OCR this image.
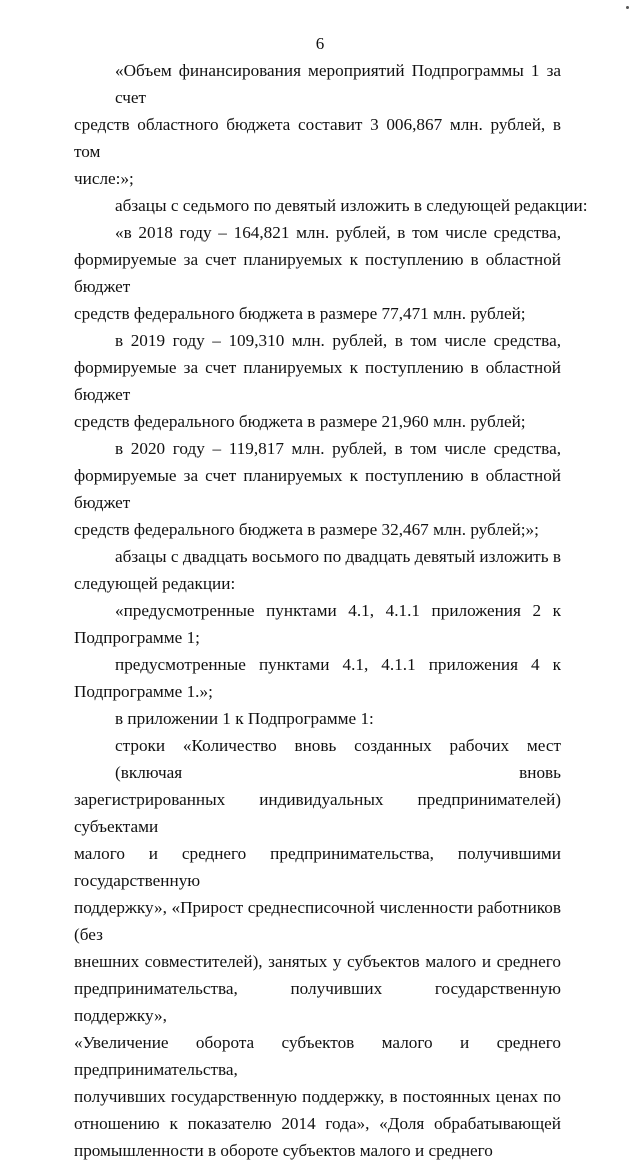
6
«Объем финансирования мероприятий Подпрограммы 1 за счет
средств областного бюджета составит 3 006,867 млн. рублей, в том
числе:»;
абзацы с седьмого по девятый изложить в следующей редакции:
«в 2018 году – 164,821 млн. рублей, в том числе средства,
формируемые за счет планируемых к поступлению в областной бюджет
средств федерального бюджета в размере 77,471 млн. рублей;
в 2019 году – 109,310 млн. рублей, в том числе средства,
формируемые за счет планируемых к поступлению в областной бюджет
средств федерального бюджета в размере 21,960 млн. рублей;
в 2020 году – 119,817 млн. рублей, в том числе средства,
формируемые за счет планируемых к поступлению в областной бюджет
средств федерального бюджета в размере 32,467 млн. рублей;»;
абзацы с двадцать восьмого по двадцать девятый изложить в
следующей редакции:
«предусмотренные пунктами 4.1, 4.1.1 приложения 2 к
Подпрограмме 1;
предусмотренные пунктами 4.1, 4.1.1 приложения 4 к
Подпрограмме 1.»;
в приложении 1 к Подпрограмме 1:
строки «Количество вновь созданных рабочих мест (включая вновь
зарегистрированных индивидуальных предпринимателей) субъектами
малого и среднего предпринимательства, получившими государственную
поддержку», «Прирост среднесписочной численности работников (без
внешних совместителей), занятых у субъектов малого и среднего
предпринимательства, получивших государственную поддержку»,
«Увеличение оборота субъектов малого и среднего предпринимательства,
получивших государственную поддержку, в постоянных ценах по
отношению к показателю 2014 года», «Доля обрабатывающей
промышленности в обороте субъектов малого и среднего
